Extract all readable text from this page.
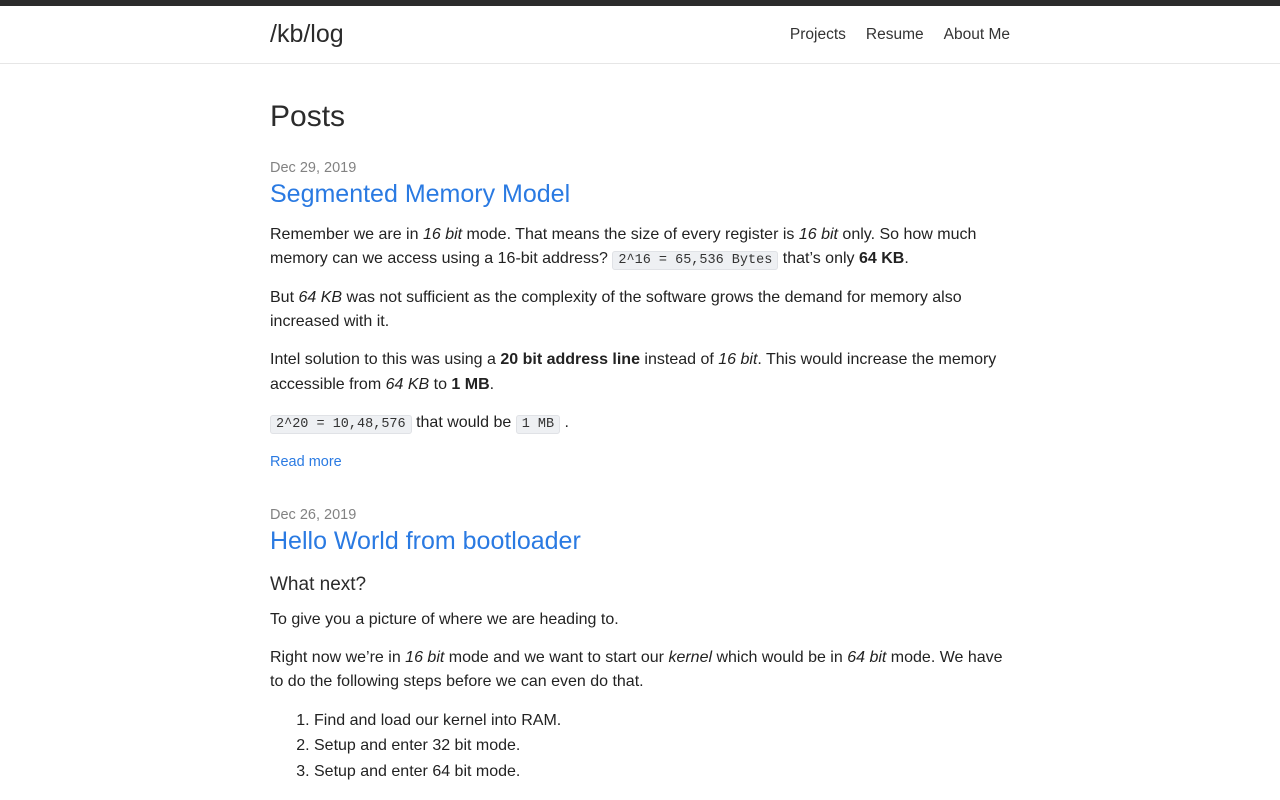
/kb/log	Projects Resume About Me
Posts
Dec 29, 2019
Segmented Memory Model

Remember we are in 16 bit mode. That means the size of every register is 16 bit only. So how much memory can we access using a 16-bit address? 2^16 = 65,536 Bytes that’s only 64 KB.

But 64 KB was not sufficient as the complexity of the software grows the demand for memory also increased with it.

Intel solution to this was using a 20 bit address line instead of 16 bit. This would increase the memory accessible from 64 KB to 1 MB.

2^20 = 10,48,576 that would be 1 MB .

Read more
Dec 26, 2019
Hello World from bootloader
What next?

To give you a picture of where we are heading to.

Right now we’re in 16 bit mode and we want to start our kernel which would be in 64 bit mode. We have to do the following steps before we can even do that.

1. Find and load our kernel into RAM.
2. Setup and enter 32 bit mode.
3. Setup and enter 64 bit mode.
